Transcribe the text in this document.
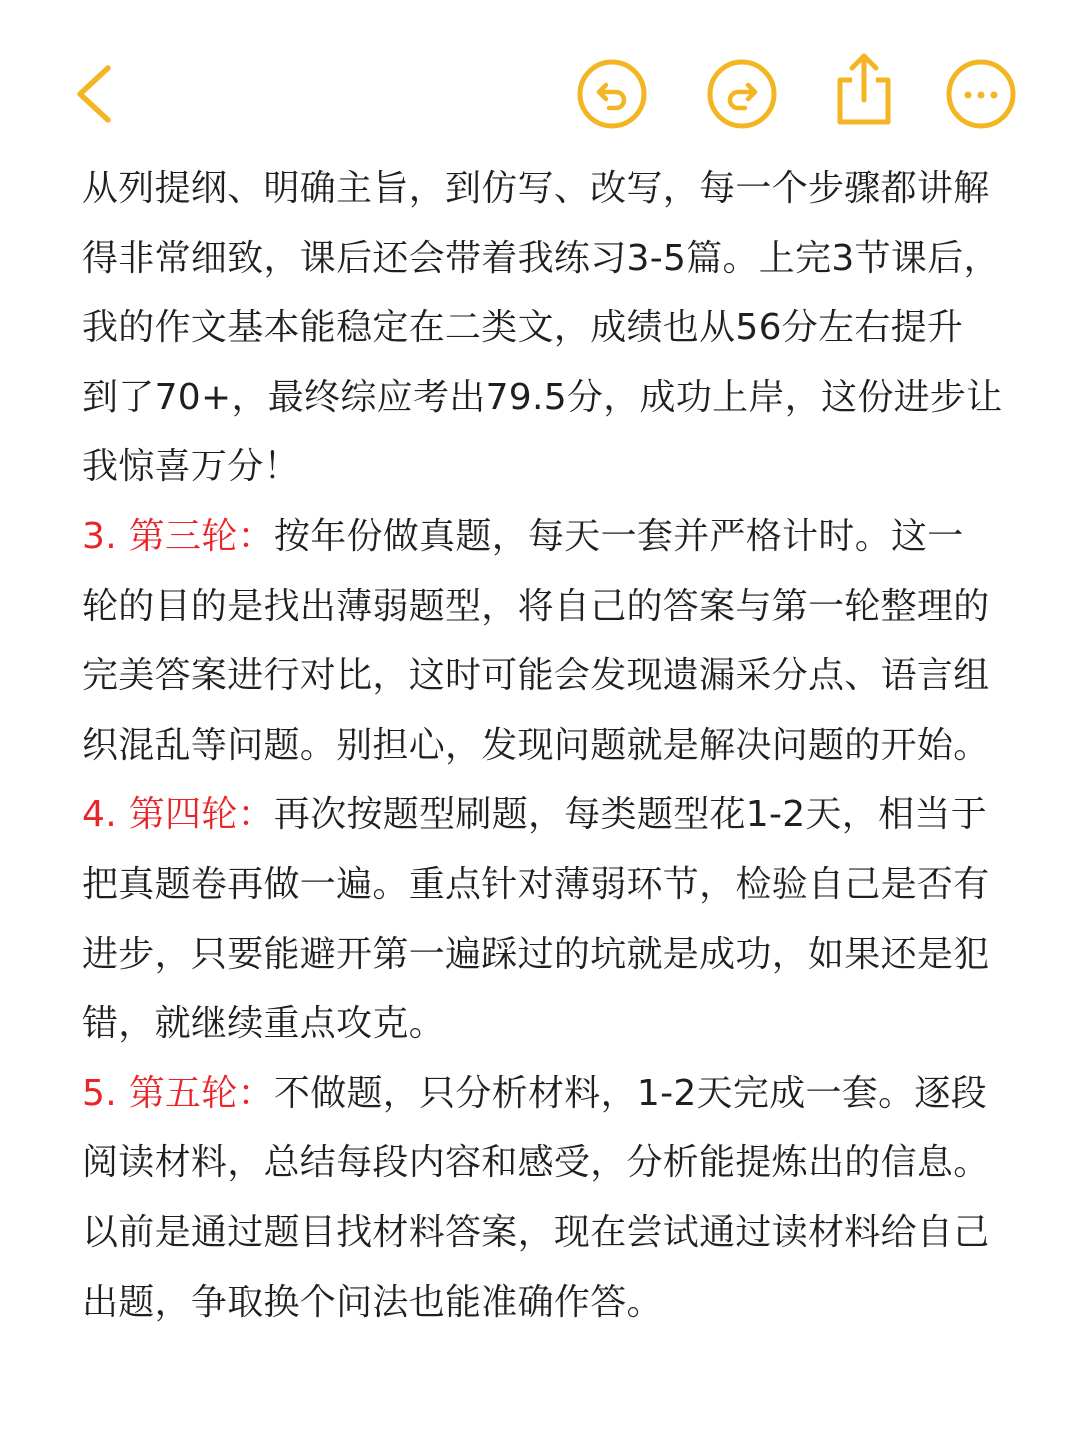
从列提纲、明确主旨，到仿写、改写，每一个步骤都讲解
得非常细致，课后还会带着我练习3-5篇。上完3节课后，
我的作文基本能稳定在二类文，成绩也从56分左右提升
到了70+，最终综应考出79.5分，成功上岸，这份进步让
我惊喜万分！
3. 第三轮：按年份做真题，每天一套并严格计时。这一
轮的目的是找出薄弱题型，将自己的答案与第一轮整理的
完美答案进行对比，这时可能会发现遗漏采分点、语言组
织混乱等问题。别担心，发现问题就是解决问题的开始。
4. 第四轮：再次按题型刷题，每类题型花1-2天，相当于
把真题卷再做一遍。重点针对薄弱环节，检验自己是否有
进步，只要能避开第一遍踩过的坑就是成功，如果还是犯
错，就继续重点攻克。
5. 第五轮：不做题，只分析材料，1-2天完成一套。逐段
阅读材料，总结每段内容和感受，分析能提炼出的信息。
以前是通过题目找材料答案，现在尝试通过读材料给自己
出题，争取换个问法也能准确作答。
